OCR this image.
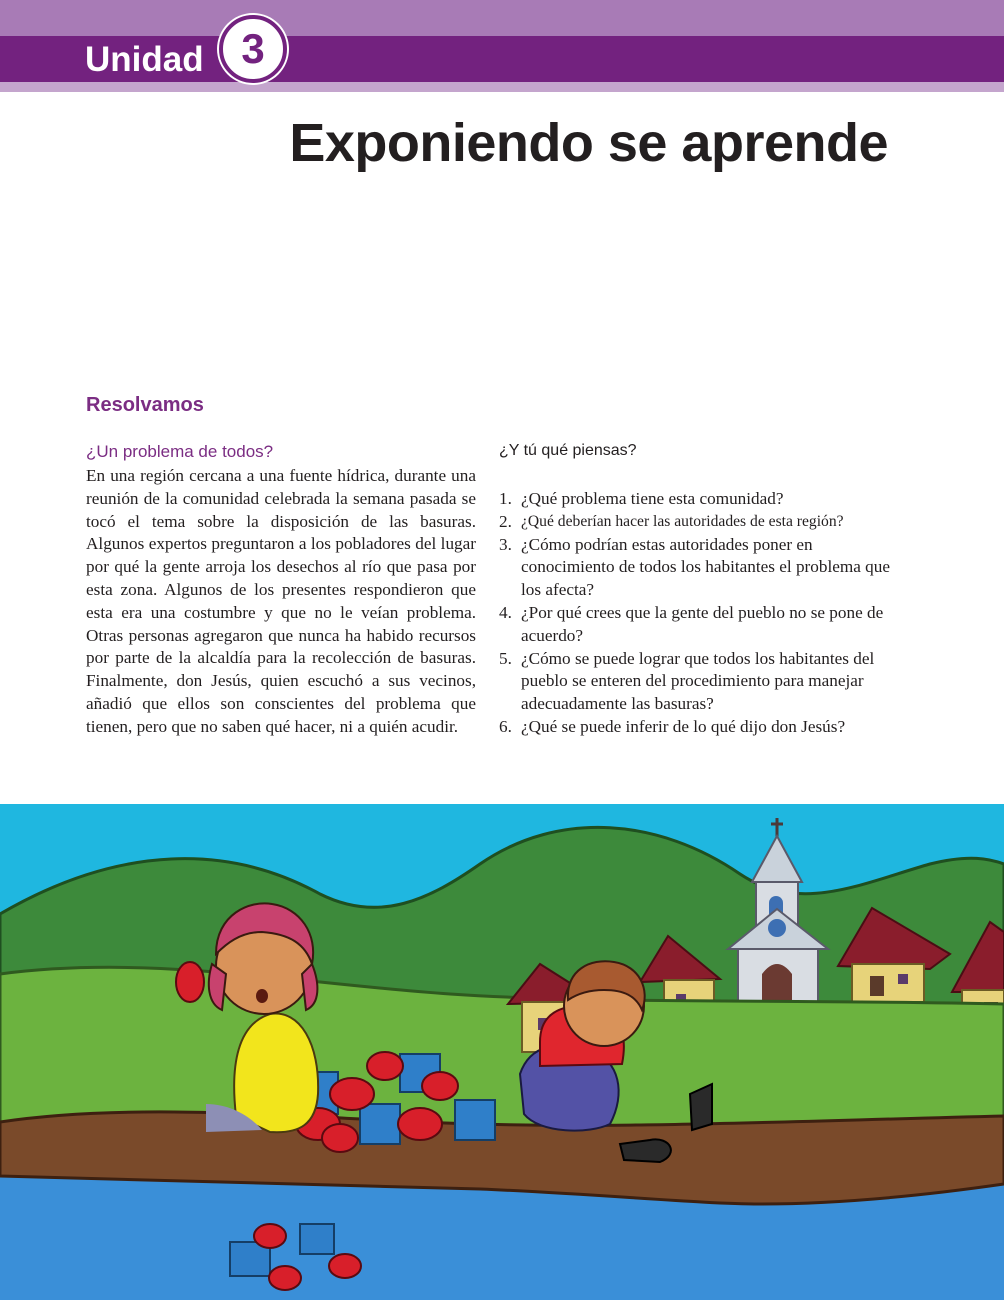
Unidad 3
Exponiendo se aprende
Resolvamos
¿Un problema de todos?
En una región cercana a una fuente hídrica, durante una reunión de la comunidad celebrada la semana pasada se tocó el tema sobre la disposición de las basuras. Algunos expertos preguntaron a los pobladores del lugar por qué la gente arroja los desechos al río que pasa por esta zona. Algunos de los presentes respondieron que esta era una costumbre y que no le veían problema. Otras personas agregaron que nunca ha habido recursos por parte de la alcaldía para la recolección de basuras. Finalmente, don Jesús, quien escuchó a sus vecinos, añadió que ellos son conscientes del problema que tienen, pero que no saben qué hacer, ni a quién acudir.
¿Y tú qué piensas?
1. ¿Qué problema tiene esta comunidad?
2. ¿Qué deberían hacer las autoridades de esta región?
3. ¿Cómo podrían estas autoridades poner en conocimiento de todos los habitantes el problema que los afecta?
4. ¿Por qué crees que la gente del pueblo no se pone de acuerdo?
5. ¿Cómo se puede lograr que todos los habitantes del pueblo se enteren del procedimiento para manejar adecuadamente las basuras?
6. ¿Qué se puede inferir de lo qué dijo don Jesús?
